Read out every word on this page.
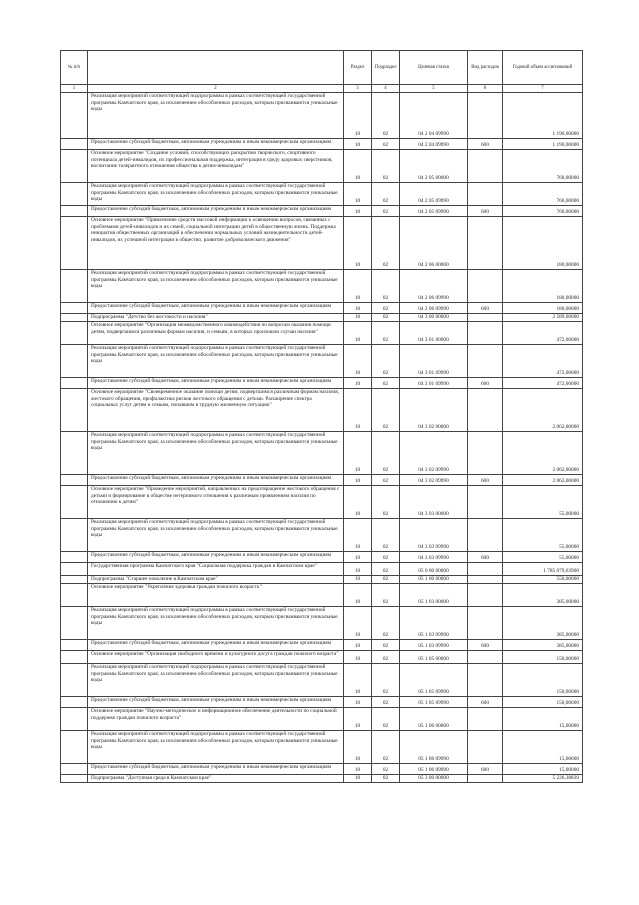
№ п/п		Раздел	Подраздел	Целевая статья	Вид расходов	Годовой объем ассигнований
1	2	3	4	5	6	7
	Реализация мероприятий соответствующей подпрограммы в рамках соответствующей государственной программы Камчатского края, за исключением обособленных расходов, которым присваиваются уникальные коды	10	02	04 2 04 09990		1 190,00000
	Предоставление субсидий бюджетным, автономным учреждениям и иным некоммерческим организациям	10	02	04 2 04 09990	600	1 190,00000
	Основное мероприятие "Создание условий, способствующих раскрытию творческого, спортивного потенциала детей-инвалидов, их профессиональная поддержка, интеграция в среду здоровых сверстников, воспитание толерантного отношения общества к детям-инвалидам"	10	02	04 2 05 00000		760,00000
	Реализация мероприятий соответствующей подпрограммы в рамках соответствующей государственной программы Камчатского края, за исключением обособленных расходов, которым присваиваются уникальные коды	10	02	04 2 05 09990		760,00000
	Предоставление субсидий бюджетным, автономным учреждениям и иным некоммерческим организациям	10	02	04 2 05 09990	600	760,00000
	Основное мероприятие "Привлечение средств массовой информации к освещению вопросов, связанных с проблемами детей-инвалидов и их семей, социальной интеграции детей в общественную жизнь. Поддержка инициатив общественных организаций в обеспечении нормальных условий жизнедеятельности детей-инвалидов, их успешной интеграции в общество, развитие добровольческого движения"	10	02	04 2 06 00000		180,00000
	Реализация мероприятий соответствующей подпрограммы в рамках соответствующей государственной программы Камчатского края, за исключением обособленных расходов, которым присваиваются уникальные коды	10	02	04 2 06 09990		180,00000
	Предоставление субсидий бюджетным, автономным учреждениям и иным некоммерческим организациям	10	02	04 2 06 09990	600	180,00000
	Подпрограмма "Детство без жестокости и насилия"	10	02	04 3 00 00000		2 589,00000
	Основное мероприятие "Организация межведомственного взаимодействия по вопросам оказания помощи детям, подвергшимся различным формам насилия, и семьям, в которых произошли случаи насилия"	10	02	04 3 01 00000		472,00000
	Реализация мероприятий соответствующей подпрограммы в рамках соответствующей государственной программы Камчатского края, за исключением обособленных расходов, которым присваиваются уникальные коды	10	02	04 3 01 09990		472,00000
	Предоставление субсидий бюджетным, автономным учреждениям и иным некоммерческим организациям	10	02	04 3 01 09990	600	472,00000
	Основное мероприятие "Своевременное оказание помощи детям, подвергшимся различным формам насилия, жестокого обращения, профилактика рисков жестокого обращения с детьми. Расширение спектра социальных услуг детям и семьям, попавшим в трудную жизненную ситуацию"	10	02	04 3 02 00000		2 062,00000
	Реализация мероприятий соответствующей подпрограммы в рамках соответствующей государственной программы Камчатского края, за исключением обособленных расходов, которым присваиваются уникальные коды	10	02	04 3 02 09990		2 062,00000
	Предоставление субсидий бюджетным, автономным учреждениям и иным некоммерческим организациям	10	02	04 3 02 09990	600	2 062,00000
	Основное мероприятие "Проведение мероприятий, направленных на предотвращение жестокого обращения с детьми и формирование в обществе нетерпимого отношения к различным проявлениям насилия по отношению к детям"	10	02	04 3 03 00000		55,00000
	Реализация мероприятий соответствующей подпрограммы в рамках соответствующей государственной программы Камчатского края, за исключением обособленных расходов, которым присваиваются уникальные коды	10	02	04 3 03 09990		55,00000
	Предоставление субсидий бюджетным, автономным учреждениям и иным некоммерческим организациям	10	02	04 3 03 09990	600	55,00000
	Государственная программа Камчатского края "Социальная поддержка граждан в Камчатском крае"	10	02	05 0 00 00000		1 785 079,63900
	Подпрограмма "Старшее поколение в Камчатском крае"	10	02	05 1 00 00000		550,00000
	Основное мероприятие "Укрепление здоровья граждан пожилого возраста "	10	02	05 1 03 00000		385,00000
	Реализация мероприятий соответствующей подпрограммы в рамках соответствующей государственной программы Камчатского края, за исключением обособленных расходов, которым присваиваются уникальные коды	10	02	05 1 03 09990		385,00000
	Предоставление субсидий бюджетным, автономным учреждениям и иным некоммерческим организациям	10	02	05 1 03 09990	600	385,00000
	Основное мероприятие "Организация свободного времени и культурного досуга граждан пожилого возраста"	10	02	05 1 05 00000		150,00000
	Реализация мероприятий соответствующей подпрограммы в рамках соответствующей государственной программы Камчатского края, за исключением обособленных расходов, которым присваиваются уникальные коды	10	02	05 1 05 09990		150,00000
	Предоставление субсидий бюджетным, автономным учреждениям и иным некоммерческим организациям	10	02	05 1 05 09990	600	150,00000
	Основное мероприятие "Научно-методическое и информационное обеспечение деятельности по социальной поддержке граждан пожилого возраста"	10	02	05 1 06 00000		15,00000
	Реализация мероприятий соответствующей подпрограммы в рамках соответствующей государственной программы Камчатского края, за исключением обособленных расходов, которым присваиваются уникальные коды	10	02	05 1 06 09990		15,00000
	Предоставление субсидий бюджетным, автономным учреждениям и иным некоммерческим организациям	10	02	05 1 06 09990	600	15,00000
	Подпрограмма "Доступная среда в Камчатском крае"	10	02	05 3 00 00000		5 226,38820
